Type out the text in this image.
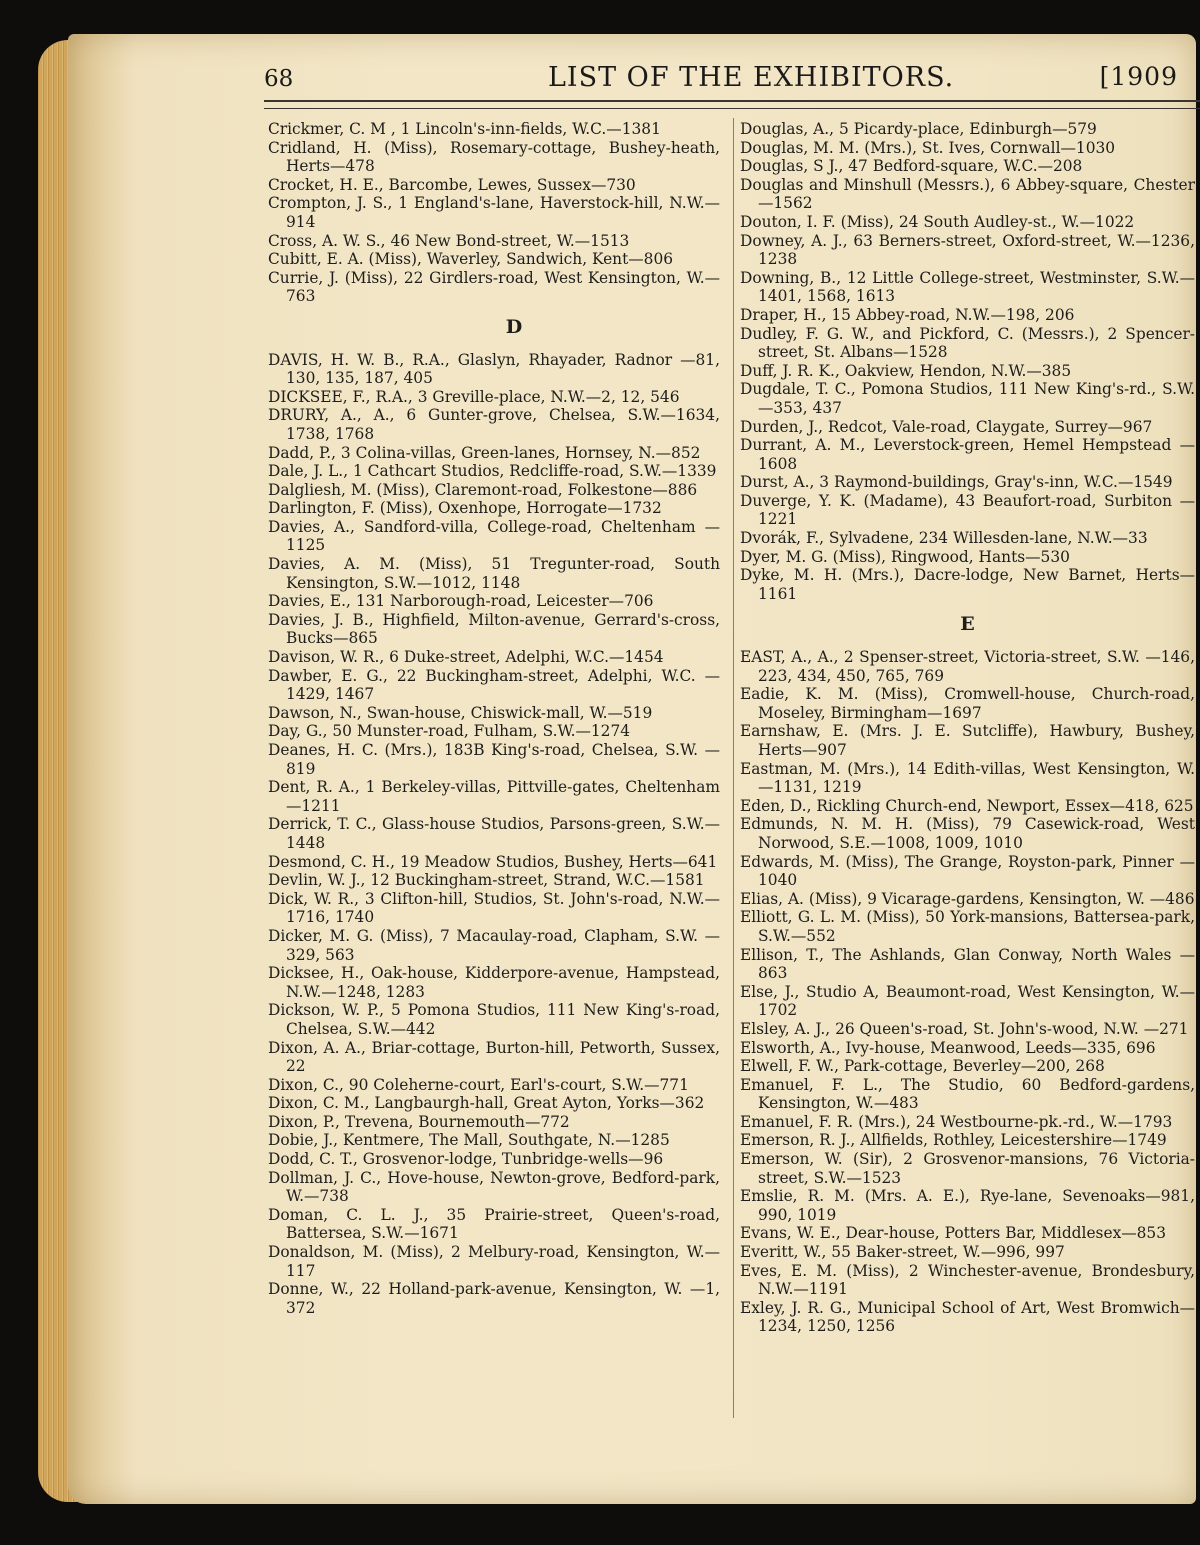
68	LIST OF THE EXHIBITORS.	[1909

Crickmer, C. M , 1 Lincoln's-inn-fields, W.C.—1381

Cridland, H. (Miss), Rosemary-cottage, Bushey-heath, Herts—478

Crocket, H. E., Barcombe, Lewes, Sussex—730

Crompton, J. S., 1 England's-lane, Haverstock-hill, N.W.—914

Cross, A. W. S., 46 New Bond-street, W.—1513

Cubitt, E. A. (Miss), Waverley, Sandwich, Kent—806

Currie, J. (Miss), 22 Girdlers-road, West Kensington, W.—763

D

DAVIS, H. W. B., R.A., Glaslyn, Rhayader, Radnor —81, 130, 135, 187, 405

DICKSEE, F., R.A., 3 Greville-place, N.W.—2, 12, 546

DRURY, A., A., 6 Gunter-grove, Chelsea, S.W.—1634, 1738, 1768

Dadd, P., 3 Colina-villas, Green-lanes, Hornsey, N.—852

Dale, J. L., 1 Cathcart Studios, Redcliffe-road, S.W.—1339

Dalgliesh, M. (Miss), Claremont-road, Folkestone—886

Darlington, F. (Miss), Oxenhope, Horrogate—1732

Davies, A., Sandford-villa, College-road, Cheltenham —1125

Davies, A. M. (Miss), 51 Tregunter-road, South Kensington, S.W.—1012, 1148

Davies, E., 131 Narborough-road, Leicester—706

Davies, J. B., Highfield, Milton-avenue, Gerrard's-cross, Bucks—865

Davison, W. R., 6 Duke-street, Adelphi, W.C.—1454

Dawber, E. G., 22 Buckingham-street, Adelphi, W.C. —1429, 1467

Dawson, N., Swan-house, Chiswick-mall, W.—519

Day, G., 50 Munster-road, Fulham, S.W.—1274

Deanes, H. C. (Mrs.), 183B King's-road, Chelsea, S.W. —819

Dent, R. A., 1 Berkeley-villas, Pittville-gates, Cheltenham—1211

Derrick, T. C., Glass-house Studios, Parsons-green, S.W.—1448

Desmond, C. H., 19 Meadow Studios, Bushey, Herts—641

Devlin, W. J., 12 Buckingham-street, Strand, W.C.—1581

Dick, W. R., 3 Clifton-hill, Studios, St. John's-road, N.W.—1716, 1740

Dicker, M. G. (Miss), 7 Macaulay-road, Clapham, S.W. —329, 563

Dicksee, H., Oak-house, Kidderpore-avenue, Hampstead, N.W.—1248, 1283

Dickson, W. P., 5 Pomona Studios, 111 New King's-road, Chelsea, S.W.—442

Dixon, A. A., Briar-cottage, Burton-hill, Petworth, Sussex, 22

Dixon, C., 90 Coleherne-court, Earl's-court, S.W.—771

Dixon, C. M., Langbaurgh-hall, Great Ayton, Yorks—362

Dixon, P., Trevena, Bournemouth—772

Dobie, J., Kentmere, The Mall, Southgate, N.—1285

Dodd, C. T., Grosvenor-lodge, Tunbridge-wells—96

Dollman, J. C., Hove-house, Newton-grove, Bedford-park, W.—738

Doman, C. L. J., 35 Prairie-street, Queen's-road, Battersea, S.W.—1671

Donaldson, M. (Miss), 2 Melbury-road, Kensington, W.—117

Donne, W., 22 Holland-park-avenue, Kensington, W. —1, 372

Douglas, A., 5 Picardy-place, Edinburgh—579

Douglas, M. M. (Mrs.), St. Ives, Cornwall—1030

Douglas, S J., 47 Bedford-square, W.C.—208

Douglas and Minshull (Messrs.), 6 Abbey-square, Chester—1562

Douton, I. F. (Miss), 24 South Audley-st., W.—1022

Downey, A. J., 63 Berners-street, Oxford-street, W.—1236, 1238

Downing, B., 12 Little College-street, Westminster, S.W.—1401, 1568, 1613

Draper, H., 15 Abbey-road, N.W.—198, 206

Dudley, F. G. W., and Pickford, C. (Messrs.), 2 Spencer-street, St. Albans—1528

Duff, J. R. K., Oakview, Hendon, N.W.—385

Dugdale, T. C., Pomona Studios, 111 New King's-rd., S.W.—353, 437

Durden, J., Redcot, Vale-road, Claygate, Surrey—967

Durrant, A. M., Leverstock-green, Hemel Hempstead —1608

Durst, A., 3 Raymond-buildings, Gray's-inn, W.C.—1549

Duverge, Y. K. (Madame), 43 Beaufort-road, Surbiton —1221

Dvorák, F., Sylvadene, 234 Willesden-lane, N.W.—33

Dyer, M. G. (Miss), Ringwood, Hants—530

Dyke, M. H. (Mrs.), Dacre-lodge, New Barnet, Herts—1161

E

EAST, A., A., 2 Spenser-street, Victoria-street, S.W. —146, 223, 434, 450, 765, 769

Eadie, K. M. (Miss), Cromwell-house, Church-road, Moseley, Birmingham—1697

Earnshaw, E. (Mrs. J. E. Sutcliffe), Hawbury, Bushey, Herts—907

Eastman, M. (Mrs.), 14 Edith-villas, West Kensington, W.—1131, 1219

Eden, D., Rickling Church-end, Newport, Essex—418, 625

Edmunds, N. M. H. (Miss), 79 Casewick-road, West Norwood, S.E.—1008, 1009, 1010

Edwards, M. (Miss), The Grange, Royston-park, Pinner —1040

Elias, A. (Miss), 9 Vicarage-gardens, Kensington, W. —486

Elliott, G. L. M. (Miss), 50 York-mansions, Battersea-park, S.W.—552

Ellison, T., The Ashlands, Glan Conway, North Wales —863

Else, J., Studio A, Beaumont-road, West Kensington, W.—1702

Elsley, A. J., 26 Queen's-road, St. John's-wood, N.W. —271

Elsworth, A., Ivy-house, Meanwood, Leeds—335, 696

Elwell, F. W., Park-cottage, Beverley—200, 268

Emanuel, F. L., The Studio, 60 Bedford-gardens, Kensington, W.—483

Emanuel, F. R. (Mrs.), 24 Westbourne-pk.-rd., W.—1793

Emerson, R. J., Allfields, Rothley, Leicestershire—1749

Emerson, W. (Sir), 2 Grosvenor-mansions, 76 Victoria-street, S.W.—1523

Emslie, R. M. (Mrs. A. E.), Rye-lane, Sevenoaks—981, 990, 1019

Evans, W. E., Dear-house, Potters Bar, Middlesex—853

Everitt, W., 55 Baker-street, W.—996, 997

Eves, E. M. (Miss), 2 Winchester-avenue, Brondesbury, N.W.—1191

Exley, J. R. G., Municipal School of Art, West Bromwich—1234, 1250, 1256
